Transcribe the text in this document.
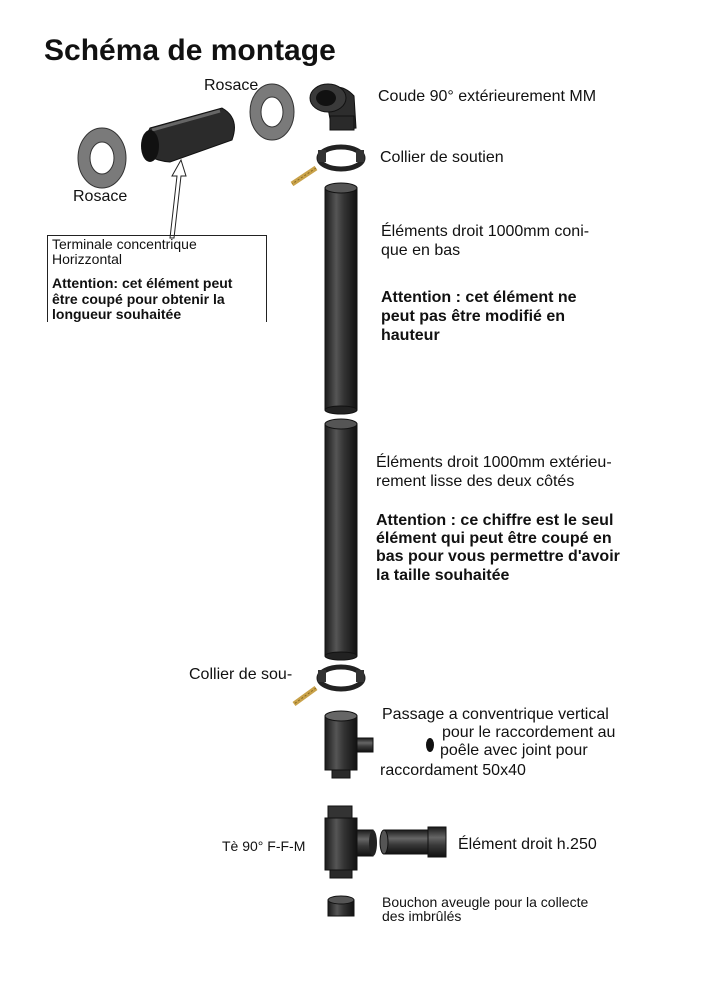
Schéma de montage
Rosace
Rosace
Terminale concentrique
Horizzontal
Attention: cet élément peut
être coupé pour obtenir la
longueur souhaitée
Coude 90° extérieurement MM
Collier de soutien
Éléments droit 1000mm coni-
que en bas
Attention : cet élément ne
peut pas être modifié en
hauteur
Éléments droit 1000mm extérieu-
rement lisse des deux côtés
Attention : ce chiffre est le seul
élément qui peut être coupé en
bas pour vous permettre d'avoir
la taille souhaitée
Collier de sou-
Passage a conventrique vertical
pour le raccordement au
poêle avec joint pour
raccordament 50x40
Tè 90° F-F-M	Élément droit h.250
Bouchon aveugle pour la collecte
des imbrûlés
